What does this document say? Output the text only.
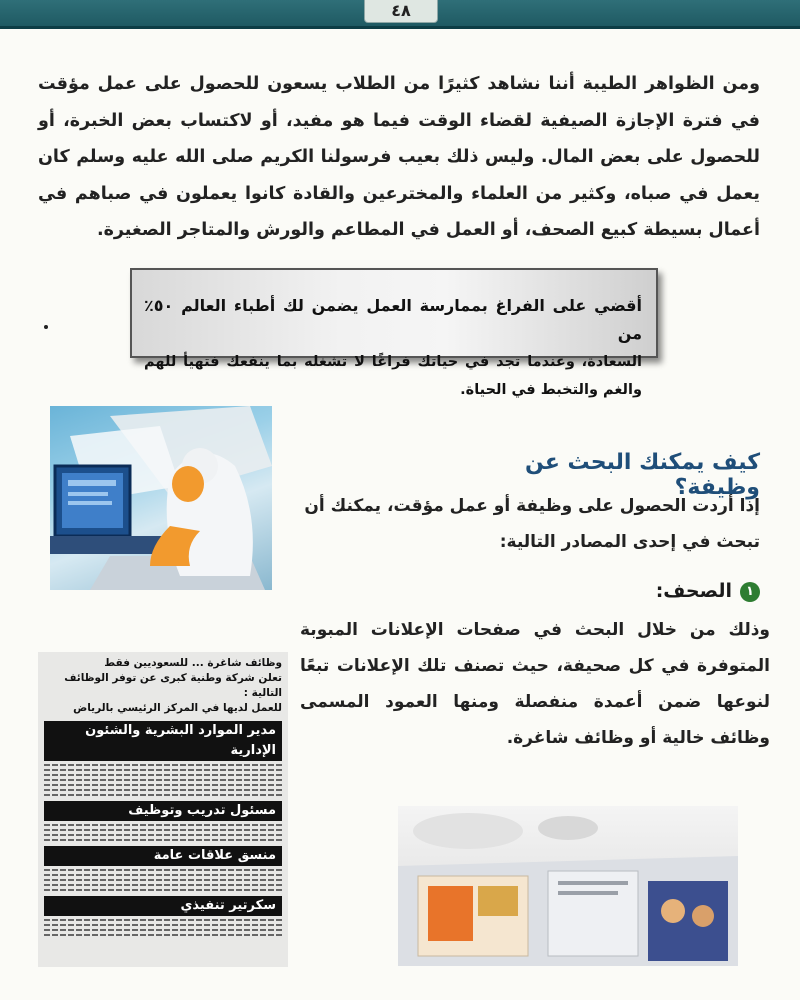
٤٨
ومن الظواهر الطيبة أننا نشاهد كثيرًا من الطلاب يسعون للحصول على عمل مؤقت في فترة الإجازة الصيفية لقضاء الوقت فيما هو مفيد، أو لاكتساب بعض الخبرة، أو للحصول على بعض المال. وليس ذلك بعيب فرسولنا الكريم صلى الله عليه وسلم كان يعمل في صباه، وكثير من العلماء والمخترعين والقادة كانوا يعملون في صباهم في أعمال بسيطة كبيع الصحف، أو العمل في المطاعم والورش والمتاجر الصغيرة.
أقضي على الفراغ بممارسة العمل يضمن لك أطباء العالم ٥٠٪ من
السعادة، وعندما تجد في حياتك فراغًا لا تشغله بما ينفعك فتهيأ للهم والغم والتخبط في الحياة.
كيف يمكنك البحث عن وظيفة؟
إذا أردت الحصول على وظيفة أو عمل مؤقت، يمكنك أن تبحث في إحدى المصادر التالية:
١الصحف:
وذلك من خلال البحث في صفحات الإعلانات المبوبة المتوفرة في كل صحيفة، حيث تصنف تلك الإعلانات تبعًا لنوعها ضمن أعمدة منفصلة ومنها العمود المسمى وظائف خالية أو وظائف شاغرة.
وظائف شاغرة ... للسعوديين فقط
تعلن شركة وطنية كبرى عن توفر الوظائف التالية :
للعمل لديها في المركز الرئيسي بالرياض
مدير الموارد البشرية والشئون الإدارية
مسئول تدريب وتوظيف
منسق علاقات عامة
سكرتير تنفيذي
